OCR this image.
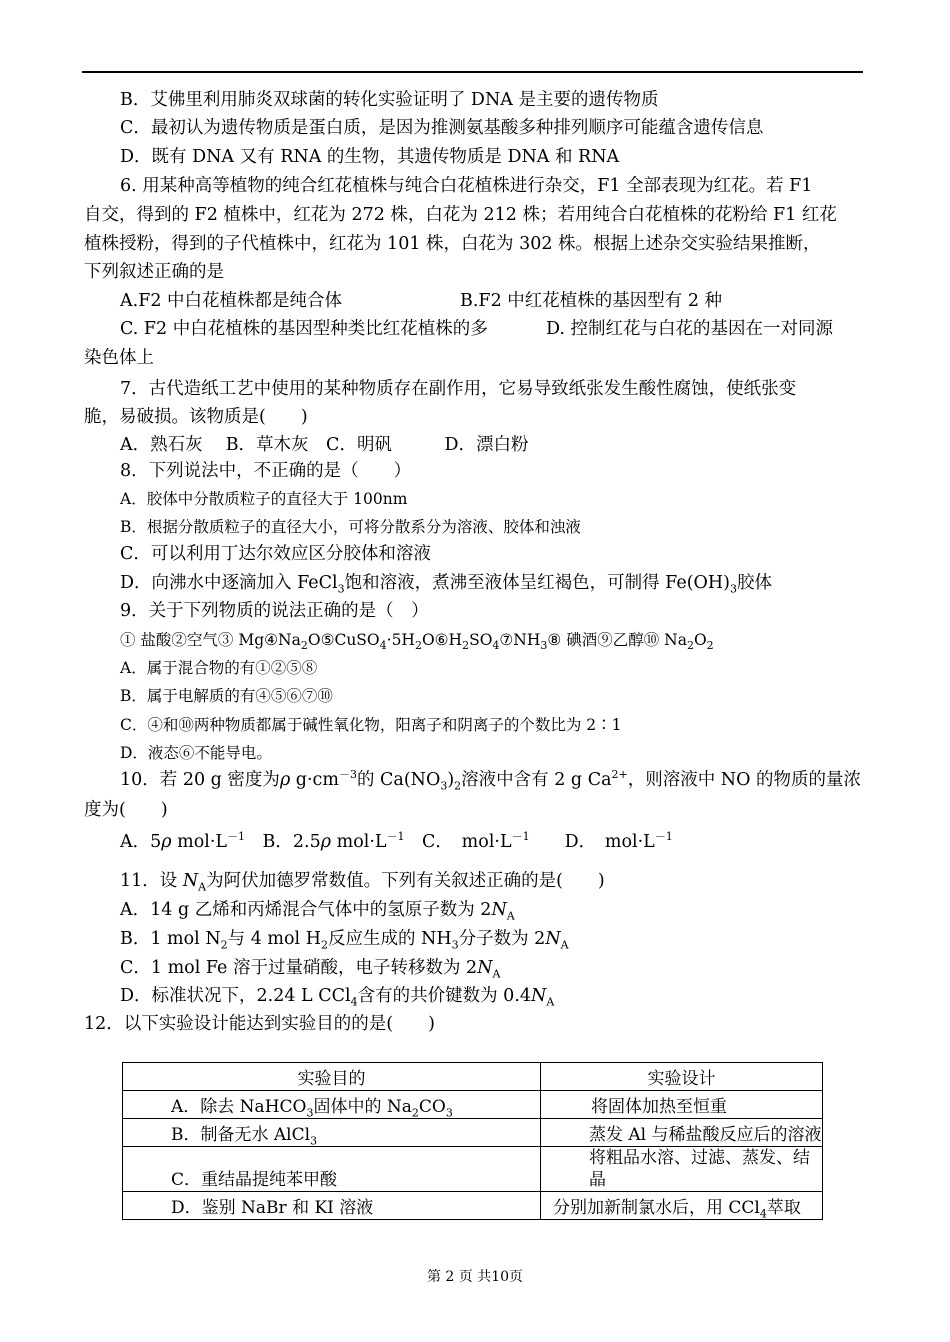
B．艾佛里利用肺炎双球菌的转化实验证明了 DNA 是主要的遗传物质
C．最初认为遗传物质是蛋白质，是因为推测氨基酸多种排列顺序可能蕴含遗传信息
D．既有 DNA 又有 RNA 的生物，其遗传物质是 DNA 和 RNA
6. 用某种高等植物的纯合红花植株与纯合白花植株进行杂交，F1 全部表现为红花。若 F1
自交，得到的 F2 植株中，红花为 272 株，白花为 212 株；若用纯合白花植株的花粉给 F1 红花
植株授粉，得到的子代植株中，红花为 101 株，白花为 302 株。根据上述杂交实验结果推断，
下列叙述正确的是
A.F2 中白花植株都是纯合体	B.F2 中红花植株的基因型有 2 种
C. F2 中白花植株的基因型种类比红花植株的多	D. 控制红花与白花的基因在一对同源
染色体上
7．古代造纸工艺中使用的某种物质存在副作用，它易导致纸张发生酸性腐蚀，使纸张变
脆，易破损。该物质是(　　)
A．熟石灰　 B．草木灰　C．明矾　　　D．漂白粉
8．下列说法中，不正确的是（　　）
A．胶体中分散质粒子的直径大于 100nm
B．根据分散质粒子的直径大小，可将分散系分为溶液、胶体和浊液
C．可以利用丁达尔效应区分胶体和溶液
D．向沸水中逐滴加入 FeCl$_3$饱和溶液，煮沸至液体呈红褐色，可制得 $Fe(OH)_3$胶体
9．关于下列物质的说法正确的是（　）
① 盐酸②空气③ $Mg④Na_2O⑤CuSO_4\cdot 5H_2O⑥H_2SO_4⑦NH_3⑧$ 碘酒⑨乙醇⑩ $Na_2O_2$
A．属于混合物的有①②⑤⑧
B．属于电解质的有④⑤⑥⑦⑩
C．④和⑩两种物质都属于碱性氧化物，阳离子和阴离子的个数比为 2∶1
D．液态⑥不能导电。
10．若 20 g 密度为ρ $g\cdot cm^{-3}$的 $Ca(NO_3)_2$溶液中含有 2 g $Ca^{2+}$，则溶液中 NO 的物质的量浓
度为(　　)
A．5ρ $mol\cdot L^{-1}$　B．2.5ρ $mol\cdot L^{-1}$　C．　$mol\cdot L^{-1}$　　D．　$mol\cdot L^{-1}$
11．设 $N_A$为阿伏加德罗常数值。下列有关叙述正确的是(　　)
A．14 g 乙烯和丙烯混合气体中的氢原子数为 $2N_A$
B．1 mol $N_2$与 4 mol $H_2$反应生成的 $NH_3$分子数为 $2N_A$
C．1 mol Fe 溶于过量硝酸，电子转移数为 $2N_A$
D．标准状况下，2.24 L CCl$_4$含有的共价键数为 $0.4N_A$
12．以下实验设计能达到实验目的的是(　　)
实验目的	实验设计
A．除去 NaHCO$_3$固体中的 $Na_2CO_3$	将固体加热至恒重
B．制备无水 AlCl$_3$	蒸发 Al 与稀盐酸反应后的溶液
C．重结晶提纯苯甲酸	将粗品水溶、过滤、蒸发、结晶
D．鉴别 NaBr 和 KI 溶液	分别加新制氯水后，用 CCl$_4$萃取
第 2 页 共10页
